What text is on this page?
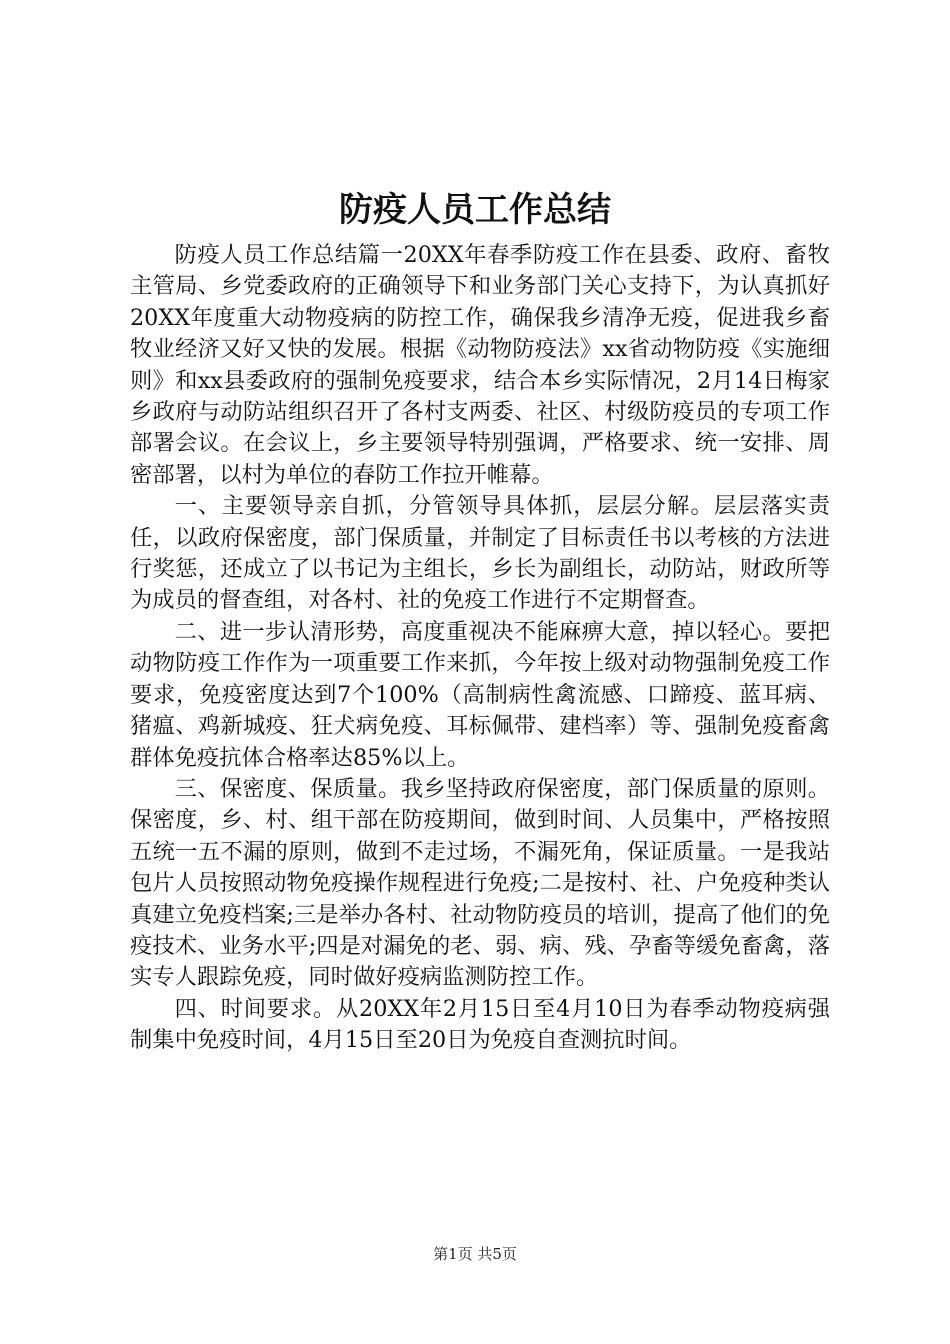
防疫人员工作总结

防疫人员工作总结篇一20XX年春季防疫工作在县委、政府、畜牧主管局、乡党委政府的正确领导下和业务部门关心支持下，为认真抓好20XX年度重大动物疫病的防控工作，确保我乡清净无疫，促进我乡畜牧业经济又好又快的发展。根据《动物防疫法》xx省动物防疫《实施细则》和xx县委政府的强制免疫要求，结合本乡实际情况，2月14日梅家乡政府与动防站组织召开了各村支两委、社区、村级防疫员的专项工作部署会议。在会议上，乡主要领导特别强调，严格要求、统一安排、周密部署，以村为单位的春防工作拉开帷幕。

一、主要领导亲自抓，分管领导具体抓，层层分解。层层落实责任，以政府保密度，部门保质量，并制定了目标责任书以考核的方法进行奖惩，还成立了以书记为主组长，乡长为副组长，动防站，财政所等为成员的督查组，对各村、社的免疫工作进行不定期督查。

二、进一步认清形势，高度重视决不能麻痹大意，掉以轻心。要把动物防疫工作作为一项重要工作来抓，今年按上级对动物强制免疫工作要求，免疫密度达到7个100%（高制病性禽流感、口蹄疫、蓝耳病、猪瘟、鸡新城疫、狂犬病免疫、耳标佩带、建档率）等、强制免疫畜禽群体免疫抗体合格率达85%以上。

三、保密度、保质量。我乡坚持政府保密度，部门保质量的原则。保密度，乡、村、组干部在防疫期间，做到时间、人员集中，严格按照五统一五不漏的原则，做到不走过场，不漏死角，保证质量。一是我站包片人员按照动物免疫操作规程进行免疫;二是按村、社、户免疫种类认真建立免疫档案;三是举办各村、社动物防疫员的培训，提高了他们的免疫技术、业务水平;四是对漏免的老、弱、病、残、孕畜等缓免畜禽，落实专人跟踪免疫，同时做好疫病监测防控工作。

四、时间要求。从20XX年2月15日至4月10日为春季动物疫病强制集中免疫时间，4月15日至20日为免疫自查测抗时间。

第1页 共5页
